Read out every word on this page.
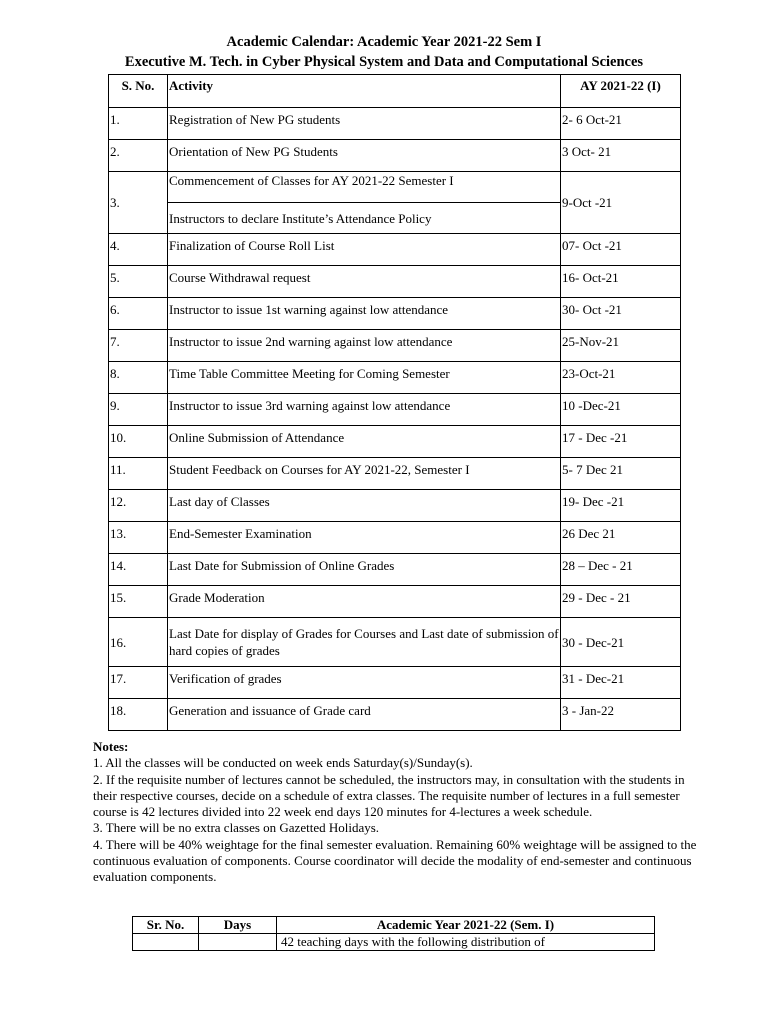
Academic Calendar: Academic Year 2021-22 Sem I
Executive M. Tech. in Cyber Physical System and Data and Computational Sciences
S. No.	Activity	AY 2021-22 (I)

1.	Registration of New PG students	2- 6 Oct-21

2.	Orientation of New PG Students	3 Oct- 21

3.	Commencement of Classes for AY 2021-22 Semester I	9-Oct -21
	Instructors to declare Institute’s Attendance Policy	

4.	Finalization of Course Roll List	07- Oct -21

5.	Course Withdrawal request	16- Oct-21

6.	Instructor to issue 1st warning against low attendance	30- Oct -21

7.	Instructor to issue 2nd warning against low attendance	25-Nov-21

8.	Time Table Committee Meeting for Coming Semester	23-Oct-21

9.	Instructor to issue 3rd warning against low attendance	10 -Dec-21

10.	Online Submission of Attendance	17 - Dec -21

11.	Student Feedback on Courses for AY 2021-22, Semester I	5- 7 Dec 21

12.	Last day of Classes	19- Dec -21

13.	End-Semester Examination	26 Dec 21

14.	Last Date for Submission of Online Grades	28 – Dec - 21

15.	Grade Moderation	29 - Dec - 21

16.	Last Date for display of Grades for Courses and Last date of submission of hard copies of grades	30 - Dec-21

17.	Verification of grades	31 - Dec-21

18.	Generation and issuance of Grade card	3 - Jan-22

Notes:

1. All the classes will be conducted on week ends Saturday(s)/Sunday(s).

2. If the requisite number of lectures cannot be scheduled, the instructors may, in consultation with the students in their respective courses, decide on a schedule of extra classes. The requisite number of lectures in a full semester course is 42 lectures divided into 22 week end days 120 minutes for 4-lectures a week schedule.

3. There will be no extra classes on Gazetted Holidays.

4. There will be 40% weightage for the final semester evaluation. Remaining 60% weightage will be assigned to the continuous evaluation of components. Course coordinator will decide the modality of end-semester and continuous evaluation components.

Sr. No.	Days	Academic Year 2021-22 (Sem. I)
		42 teaching days with the following distribution of
